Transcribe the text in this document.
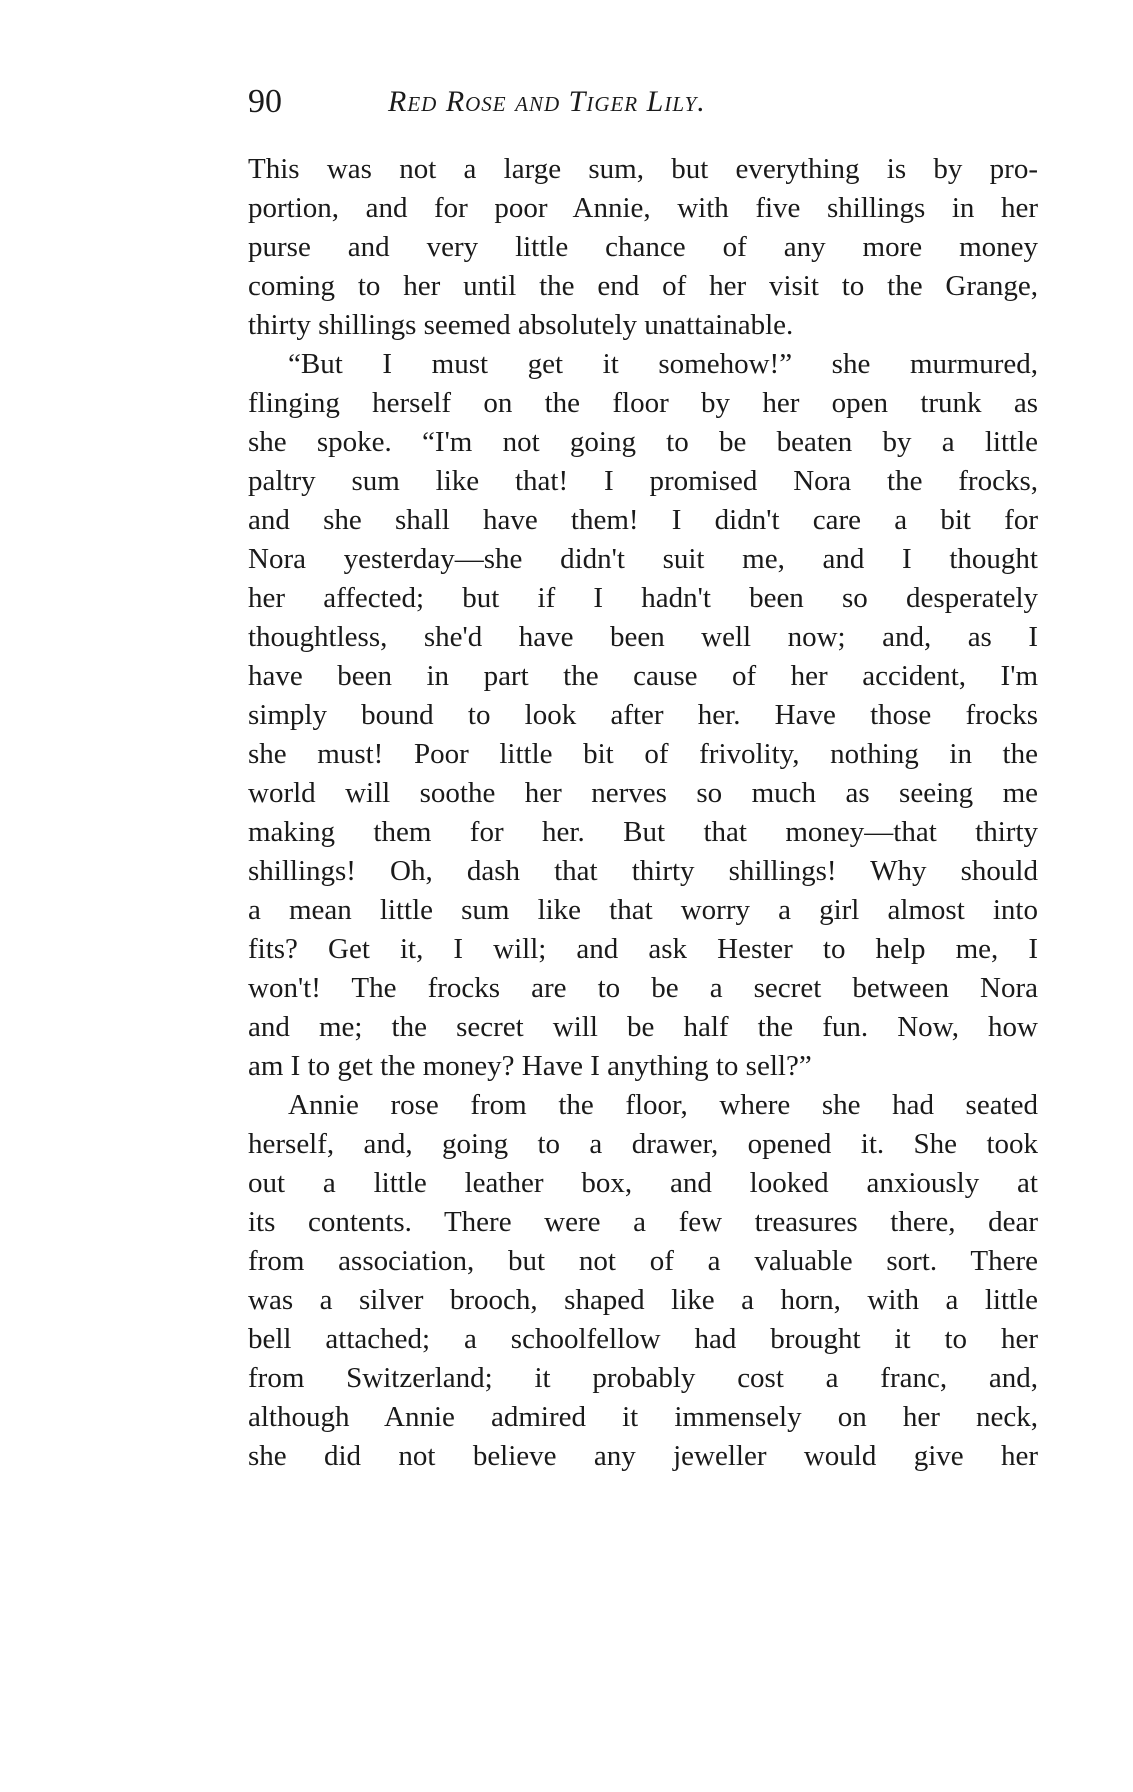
90	Red Rose and Tiger Lily.
This was not a large sum, but everything is by pro-
portion, and for poor Annie, with five shillings in her
purse and very little chance of any more money
coming to her until the end of her visit to the Grange,
thirty shillings seemed absolutely unattainable.
“But I must get it somehow!” she murmured,
flinging herself on the floor by her open trunk as
she spoke. “I'm not going to be beaten by a little
paltry sum like that! I promised Nora the frocks,
and she shall have them! I didn't care a bit for
Nora yesterday—she didn't suit me, and I thought
her affected; but if I hadn't been so desperately
thoughtless, she'd have been well now; and, as I
have been in part the cause of her accident, I'm
simply bound to look after her. Have those frocks
she must! Poor little bit of frivolity, nothing in the
world will soothe her nerves so much as seeing me
making them for her. But that money—that thirty
shillings! Oh, dash that thirty shillings! Why should
a mean little sum like that worry a girl almost into
fits? Get it, I will; and ask Hester to help me, I
won't! The frocks are to be a secret between Nora
and me; the secret will be half the fun. Now, how
am I to get the money? Have I anything to sell?”
Annie rose from the floor, where she had seated
herself, and, going to a drawer, opened it. She took
out a little leather box, and looked anxiously at
its contents. There were a few treasures there, dear
from association, but not of a valuable sort. There
was a silver brooch, shaped like a horn, with a little
bell attached; a schoolfellow had brought it to her
from Switzerland; it probably cost a franc, and,
although Annie admired it immensely on her neck,
she did not believe any jeweller would give her
